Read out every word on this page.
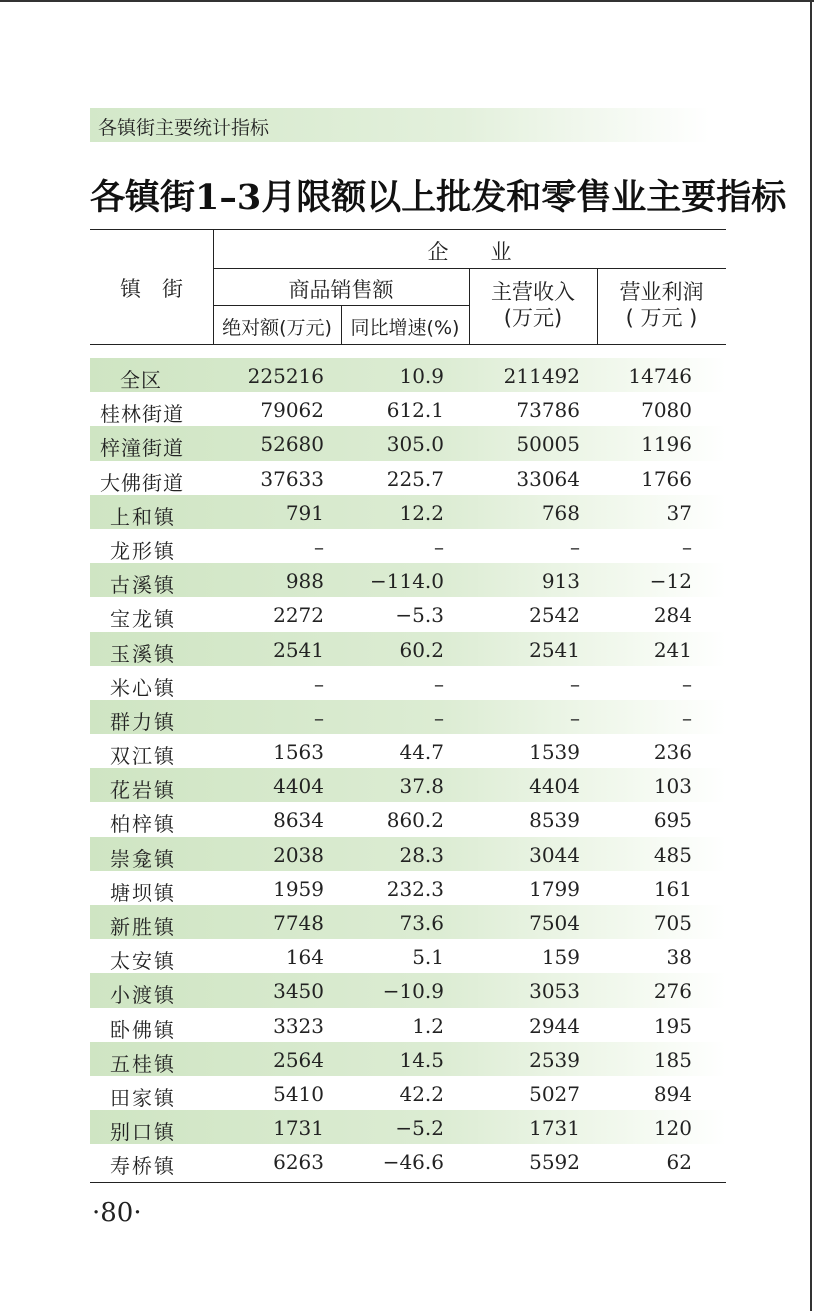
各镇街主要统计指标
各镇街1–3月限额以上批发和零售业主要指标
镇　街
企　　业
商品销售额
绝对额(万元) 同比增速(%)
主营收入
(万元)
营业利润
( 万元 )
全区	225216	10.9	211492 14746
桂林街道	79062	612.1	73786	7080
梓潼街道	52680	305.0	50005	1196
大佛街道	37633	225.7	33064	1766
上和镇	791	12.2	768	37
龙形镇	–	–	–	–
古溪镇	988 −114.0	913	−12
宝龙镇	2272	−5.3	2542	284
玉溪镇	2541	60.2	2541	241
米心镇	–	–	–	–
群力镇	–	–	–	–
双江镇	1563	44.7	1539	236
花岩镇	4404	37.8	4404	103
柏梓镇	8634	860.2	8539	695
崇龛镇	2038	28.3	3044	485
塘坝镇	1959	232.3	1799	161
新胜镇	7748	73.6	7504	705
太安镇	164	5.1	159	38
小渡镇	3450	−10.9	3053	276
卧佛镇	3323	1.2	2944	195
五桂镇	2564	14.5	2539	185
田家镇	5410	42.2	5027	894
别口镇	1731	−5.2	1731	120
寿桥镇	6263	−46.6	5592	62
·80·
